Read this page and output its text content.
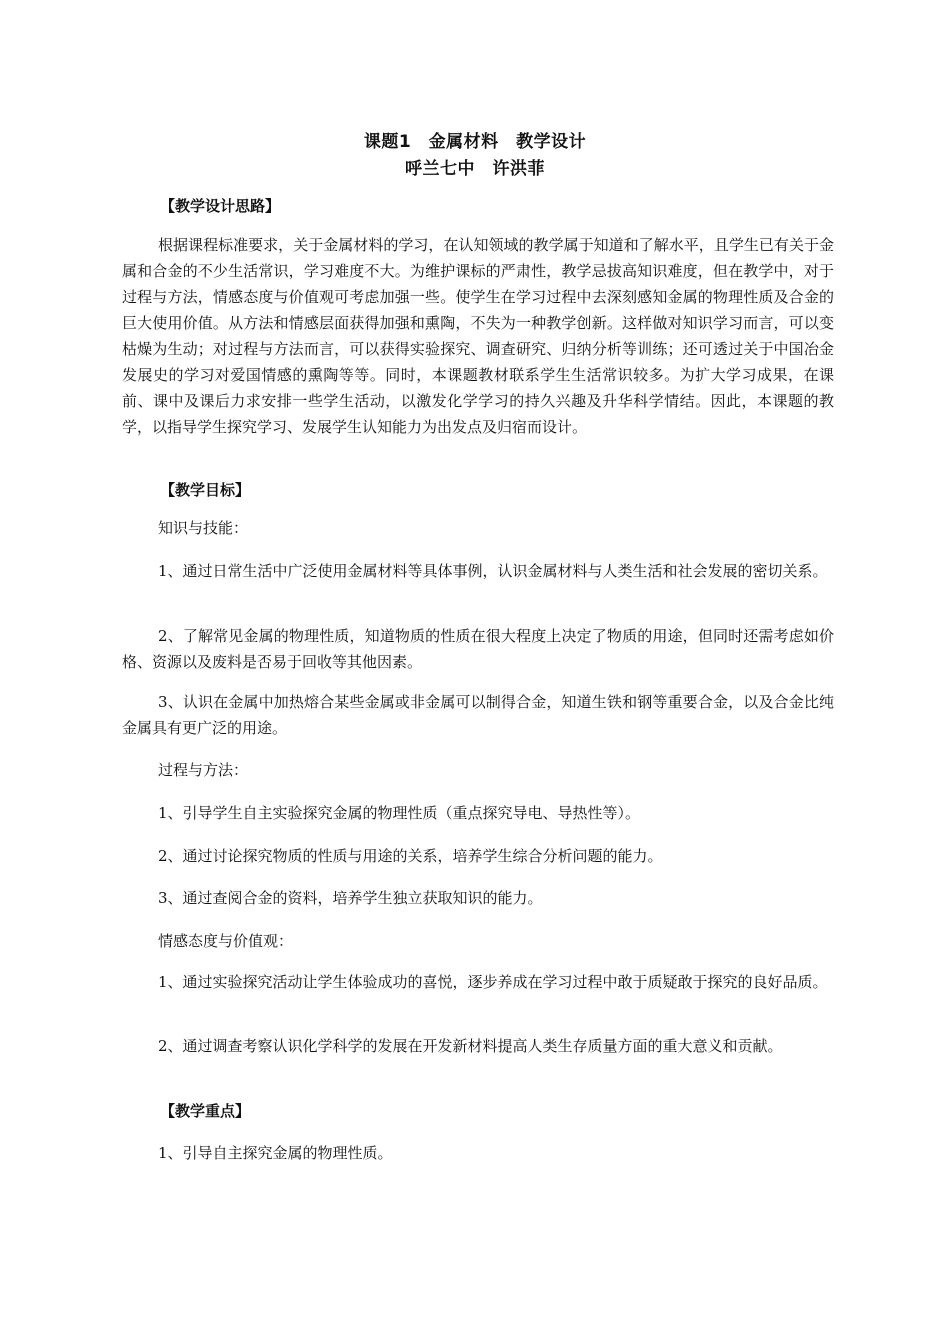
课题1　金属材料　教学设计
呼兰七中　许洪菲
【教学设计思路】

根据课程标准要求，关于金属材料的学习，在认知领域的教学属于知道和了解水平，且学生已有关于金属和合金的不少生活常识，学习难度不大。为维护课标的严肃性，教学忌拔高知识难度，但在教学中，对于过程与方法，情感态度与价值观可考虑加强一些。使学生在学习过程中去深刻感知金属的物理性质及合金的巨大使用价值。从方法和情感层面获得加强和熏陶，不失为一种教学创新。这样做对知识学习而言，可以变枯燥为生动；对过程与方法而言，可以获得实验探究、调查研究、归纳分析等训练；还可透过关于中国冶金发展史的学习对爱国情感的熏陶等等。同时，本课题教材联系学生生活常识较多。为扩大学习成果，在课前、课中及课后力求安排一些学生活动，以激发化学学习的持久兴趣及升华科学情结。因此，本课题的教学，以指导学生探究学习、发展学生认知能力为出发点及归宿而设计。

【教学目标】
知识与技能：

1、通过日常生活中广泛使用金属材料等具体事例，认识金属材料与人类生活和社会发展的密切关系。

2、了解常见金属的物理性质，知道物质的性质在很大程度上决定了物质的用途，但同时还需考虑如价格、资源以及废料是否易于回收等其他因素。

3、认识在金属中加热熔合某些金属或非金属可以制得合金，知道生铁和钢等重要合金，以及合金比纯金属具有更广泛的用途。

过程与方法：
1、引导学生自主实验探究金属的物理性质（重点探究导电、导热性等）。
2、通过讨论探究物质的性质与用途的关系，培养学生综合分析问题的能力。
3、通过查阅合金的资料，培养学生独立获取知识的能力。
情感态度与价值观：

1、通过实验探究活动让学生体验成功的喜悦，逐步养成在学习过程中敢于质疑敢于探究的良好品质。

2、通过调查考察认识化学科学的发展在开发新材料提高人类生存质量方面的重大意义和贡献。

【教学重点】
1、引导自主探究金属的物理性质。
